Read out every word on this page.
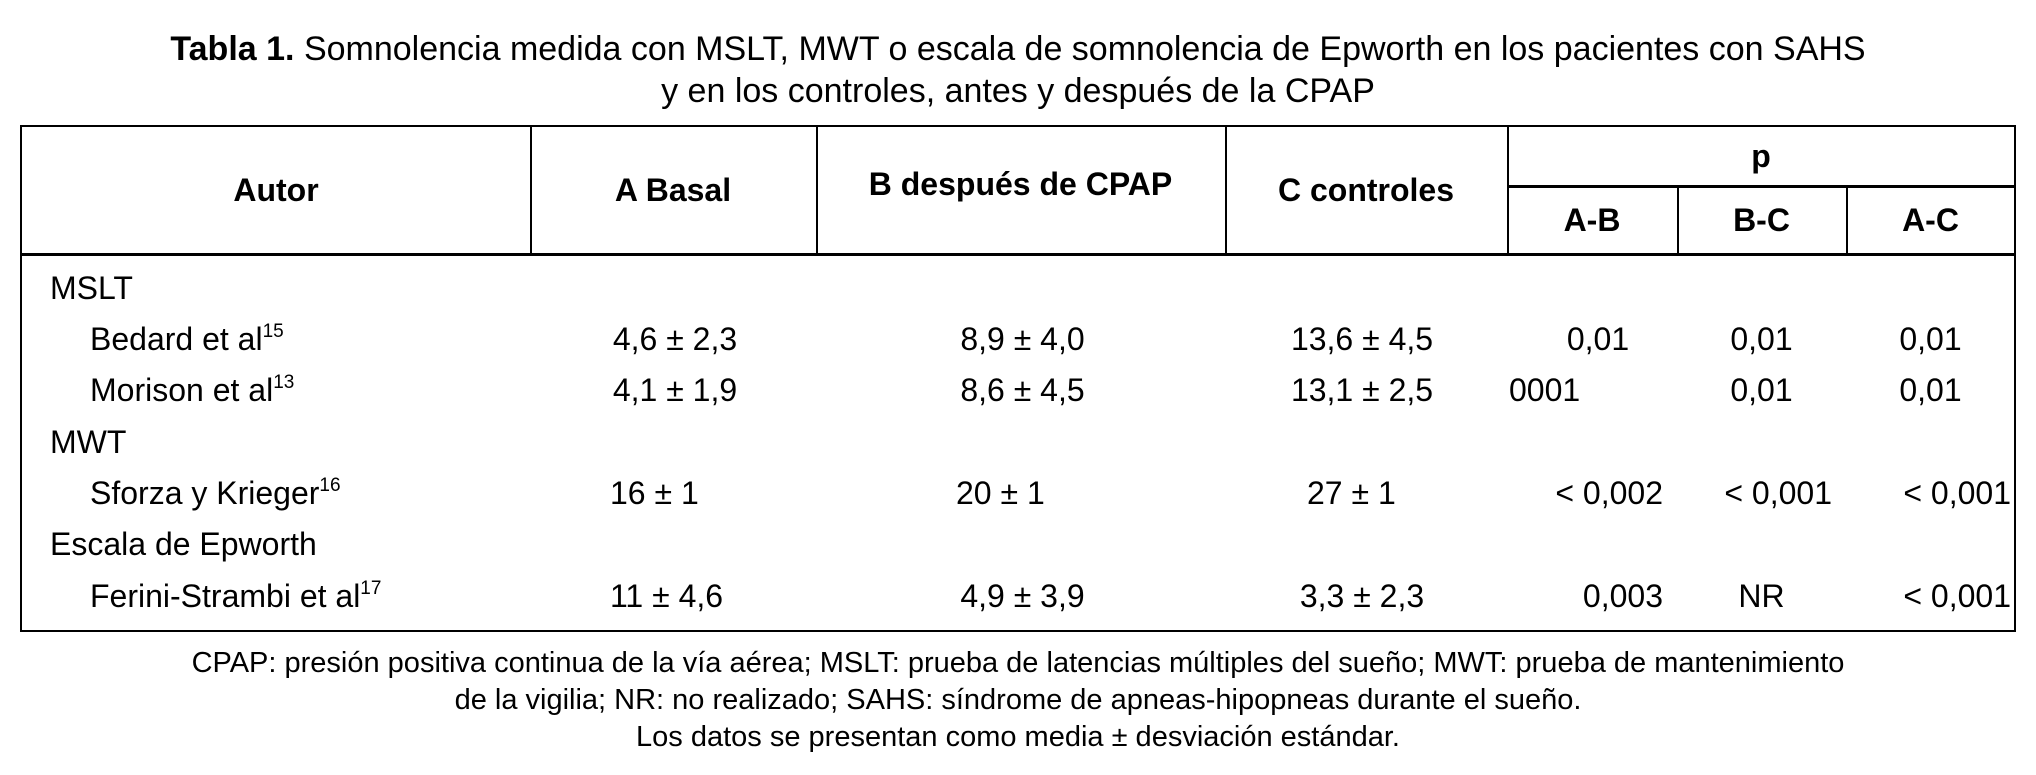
Tabla 1. Somnolencia medida con MSLT, MWT o escala de somnolencia de Epworth en los pacientes con SAHS
y en los controles, antes y después de la CPAP
Autor	A Basal	B después de CPAP	C controles
p
A-B	B-C	A-C
MSLT
Bedard et $al^{15}$	4,6 ± 2,3	8,9 ± 4,0	13,6 ± 4,5	0,01	0,01	0,01
Morison et $al^{13}$	4,1 ± 1,9	8,6 ± 4,5	13,1 ± 2,5	0001	0,01	0,01
MWT
Sforza y Krieger$^{16}$	16 ± 1	20 ± 1	27 ± 1	< 0,002	< 0,001	< 0,001
Escala de Epworth
Ferini-Strambi et $al^{17}$	11 ± 4,6	4,9 ± 3,9	3,3 ± 2,3	0,003	NR	< 0,001
CPAP: presión positiva continua de la vía aérea; MSLT: prueba de latencias múltiples del sueño; MWT: prueba de mantenimiento
de la vigilia; NR: no realizado; SAHS: síndrome de apneas-hipopneas durante el sueño.
Los datos se presentan como media ± desviación estándar.
